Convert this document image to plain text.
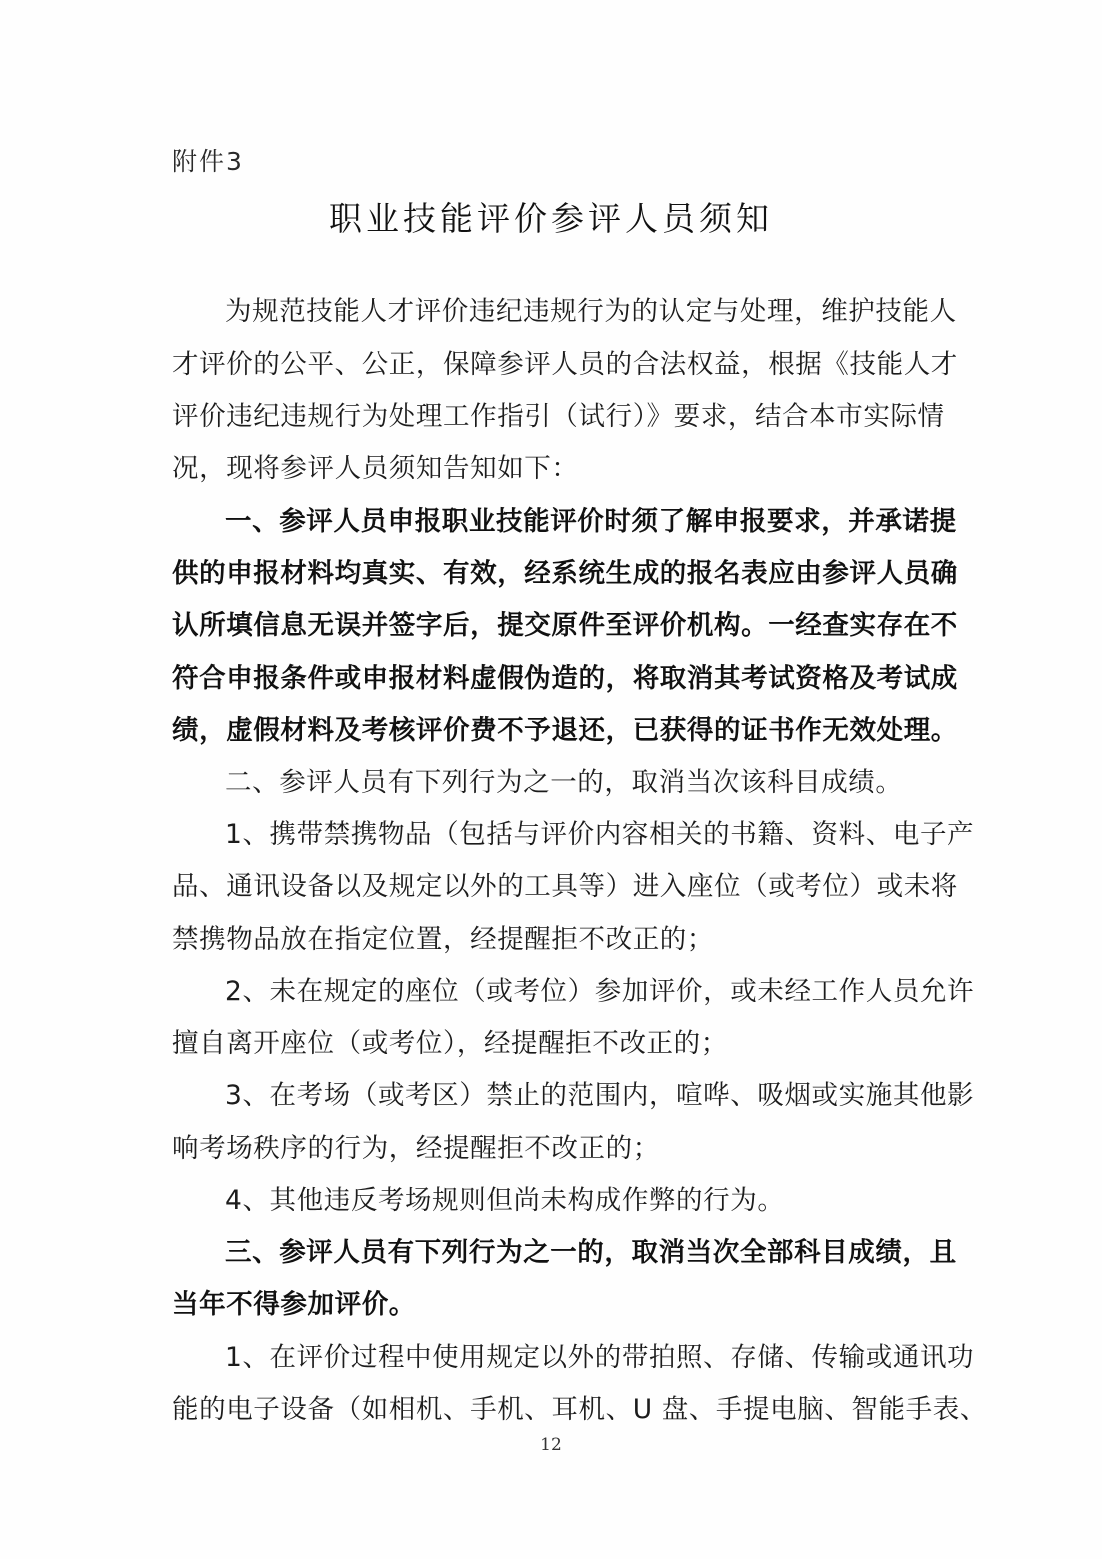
附件3
职业技能评价参评人员须知
为规范技能人才评价违纪违规行为的认定与处理，维护技能人
才评价的公平、公正，保障参评人员的合法权益，根据《技能人才
评价违纪违规行为处理工作指引（试行）》要求，结合本市实际情
况，现将参评人员须知告知如下：
一、参评人员申报职业技能评价时须了解申报要求，并承诺提
供的申报材料均真实、有效，经系统生成的报名表应由参评人员确
认所填信息无误并签字后，提交原件至评价机构。一经查实存在不
符合申报条件或申报材料虚假伪造的，将取消其考试资格及考试成
绩，虚假材料及考核评价费不予退还，已获得的证书作无效处理。
二、参评人员有下列行为之一的，取消当次该科目成绩。
1、携带禁携物品（包括与评价内容相关的书籍、资料、电子产
品、通讯设备以及规定以外的工具等）进入座位（或考位）或未将
禁携物品放在指定位置，经提醒拒不改正的；
2、未在规定的座位（或考位）参加评价，或未经工作人员允许
擅自离开座位（或考位），经提醒拒不改正的；
3、在考场（或考区）禁止的范围内，喧哗、吸烟或实施其他影
响考场秩序的行为，经提醒拒不改正的；
4、其他违反考场规则但尚未构成作弊的行为。
三、参评人员有下列行为之一的，取消当次全部科目成绩，且
当年不得参加评价。
1、在评价过程中使用规定以外的带拍照、存储、传输或通讯功
能的电子设备（如相机、手机、耳机、U 盘、手提电脑、智能手表、
12
